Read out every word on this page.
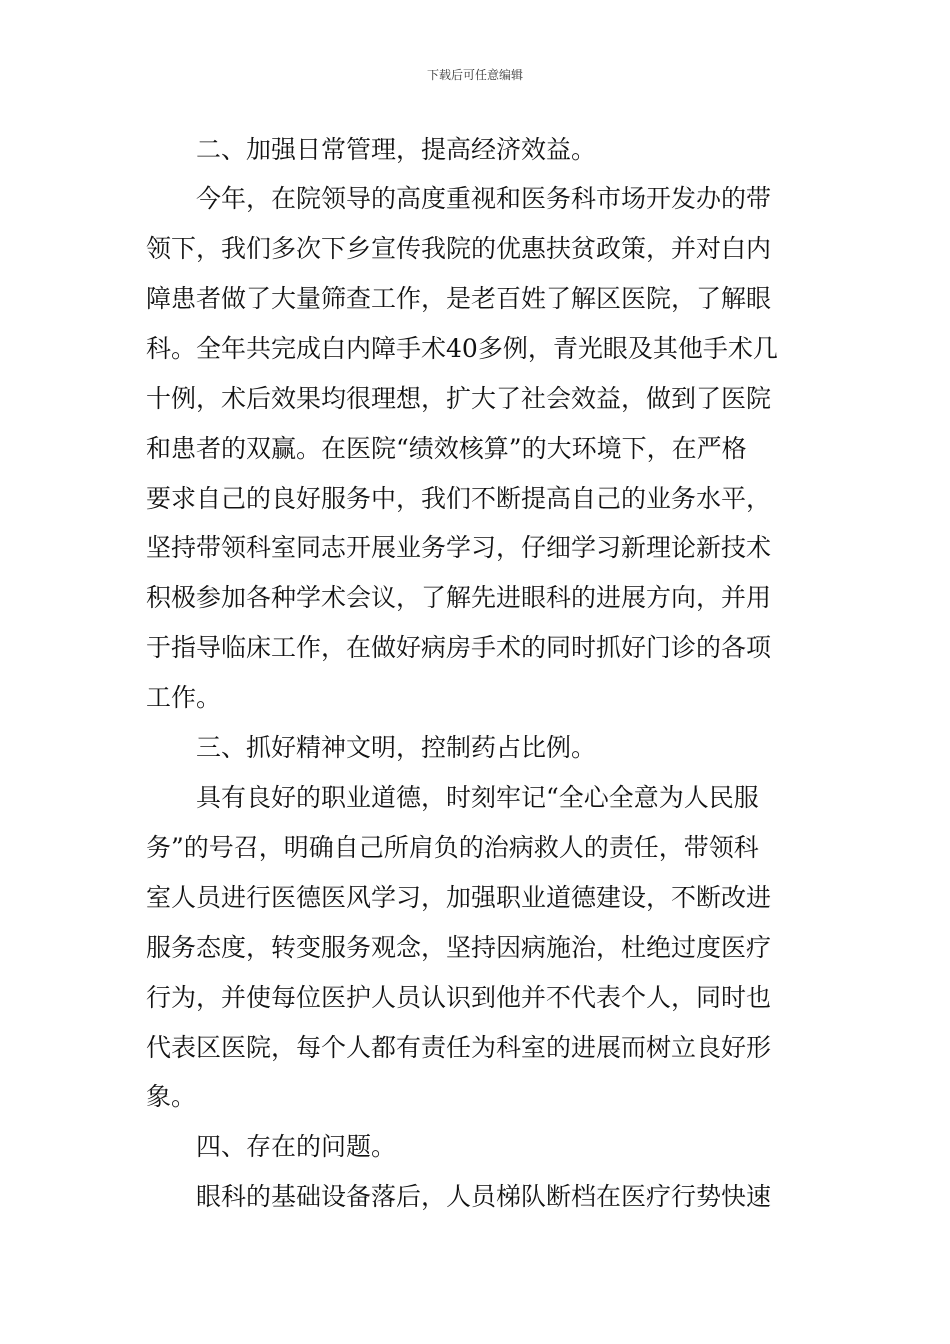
下载后可任意编辑
二、加强日常管理，提高经济效益。
今年，在院领导的高度重视和医务科市场开发办的带
领下，我们多次下乡宣传我院的优惠扶贫政策，并对白内
障患者做了大量筛查工作，是老百姓了解区医院，了解眼
科。全年共完成白内障手术40多例，青光眼及其他手术几
十例，术后效果均很理想，扩大了社会效益，做到了医院
和患者的双赢。在医院“绩效核算”的大环境下，在严格
要求自己的良好服务中，我们不断提高自己的业务水平，
坚持带领科室同志开展业务学习，仔细学习新理论新技术
积极参加各种学术会议，了解先进眼科的进展方向，并用
于指导临床工作，在做好病房手术的同时抓好门诊的各项
工作。
三、抓好精神文明，控制药占比例。
具有良好的职业道德，时刻牢记“全心全意为人民服
务”的号召，明确自己所肩负的治病救人的责任，带领科
室人员进行医德医风学习，加强职业道德建设，不断改进
服务态度，转变服务观念，坚持因病施治，杜绝过度医疗
行为，并使每位医护人员认识到他并不代表个人，同时也
代表区医院，每个人都有责任为科室的进展而树立良好形
象。
四、存在的问题。
眼科的基础设备落后，人员梯队断档在医疗行势快速
